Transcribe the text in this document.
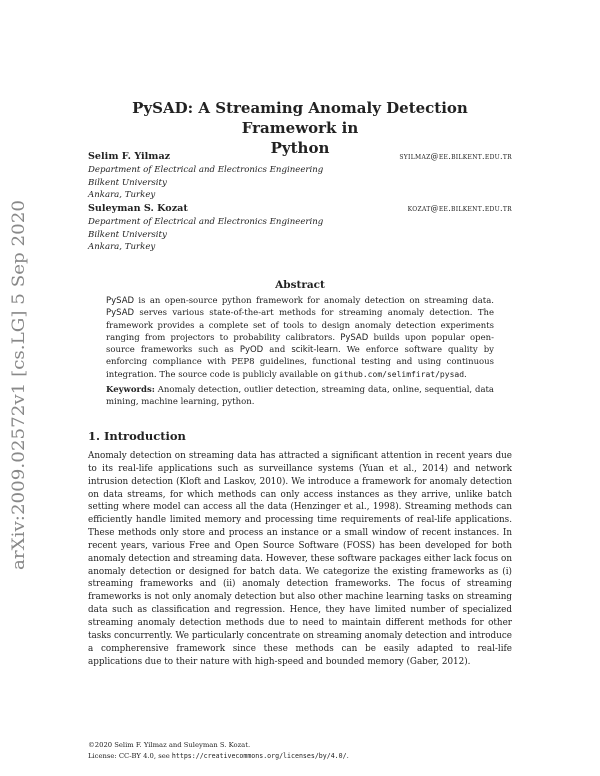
arXiv:2009.02572v1 [cs.LG] 5 Sep 2020
PySAD: A Streaming Anomaly Detection Framework in
Python
Selim F. Yilmaz	syilmaz@ee.bilkent.edu.tr
Department of Electrical and Electronics Engineering
Bilkent University
Ankara, Turkey
Suleyman S. Kozat	kozat@ee.bilkent.edu.tr
Department of Electrical and Electronics Engineering
Bilkent University
Ankara, Turkey
Abstract
PySAD is an open-source python framework for anomaly detection on streaming data. PySAD serves various state-of-the-art methods for streaming anomaly detection. The framework provides a complete set of tools to design anomaly detection experiments ranging from projectors to probability calibrators. PySAD builds upon popular open-source frameworks such as PyOD and scikit-learn. We enforce software quality by enforcing compliance with PEP8 guidelines, functional testing and using continuous integration. The source code is publicly available on github.com/selimfirat/pysad.
Keywords: Anomaly detection, outlier detection, streaming data, online, sequential, data mining, machine learning, python.
1. Introduction

Anomaly detection on streaming data has attracted a significant attention in recent years due to its real-life applications such as surveillance systems (Yuan et al., 2014) and network intrusion detection (Kloft and Laskov, 2010). We introduce a framework for anomaly detection on data streams, for which methods can only access instances as they arrive, unlike batch setting where model can access all the data (Henzinger et al., 1998). Streaming methods can efficiently handle limited memory and processing time requirements of real-life applications. These methods only store and process an instance or a small window of recent instances. In recent years, various Free and Open Source Software (FOSS) has been developed for both anomaly detection and streaming data. However, these software packages either lack focus on anomaly detection or designed for batch data. We categorize the existing frameworks as (i) streaming frameworks and (ii) anomaly detection frameworks. The focus of streaming frameworks is not only anomaly detection but also other machine learning tasks on streaming data such as classification and regression. Hence, they have limited number of specialized streaming anomaly detection methods due to need to maintain different methods for other tasks concurrently. We particularly concentrate on streaming anomaly detection and introduce a compherensive framework since these methods can be easily adapted to real-life applications due to their nature with high-speed and bounded memory (Gaber, 2012).

©2020 Selim F. Yilmaz and Suleyman S. Kozat.
License: CC-BY 4.0, see https://creativecommons.org/licenses/by/4.0/.
